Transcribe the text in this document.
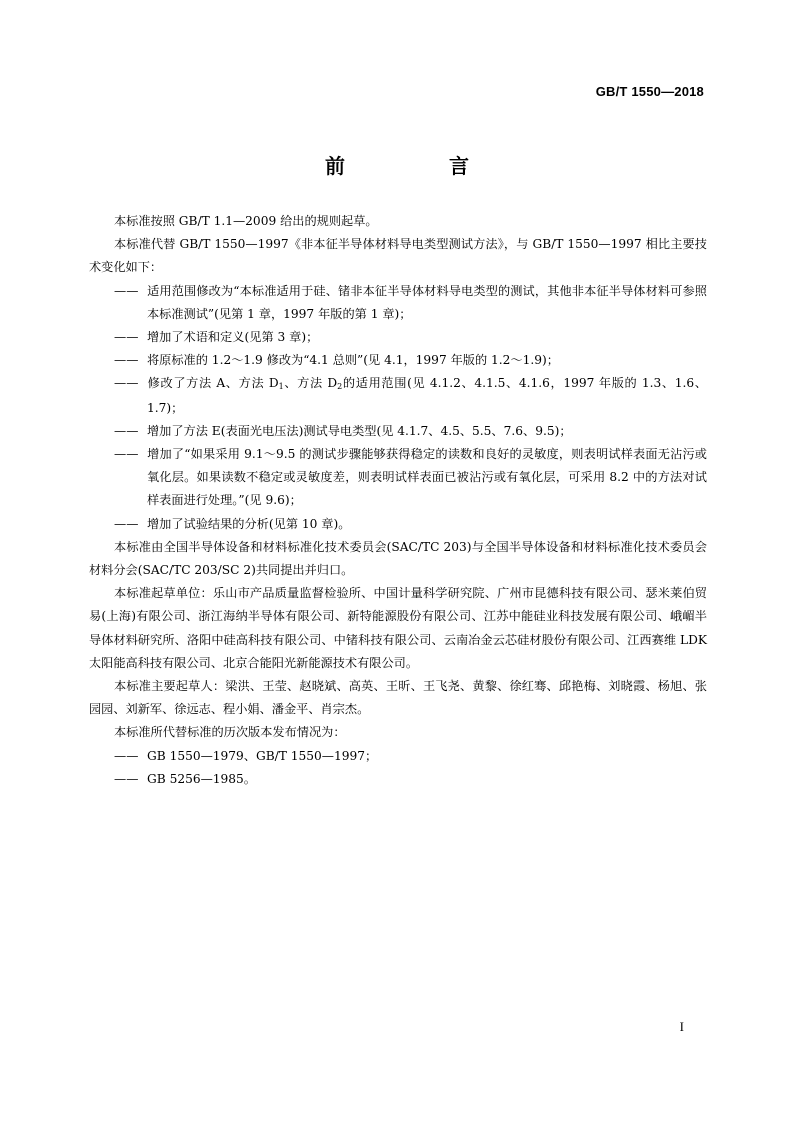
GB/T 1550—2018
前　言

本标准按照 GB/T 1.1—2009 给出的规则起草。

本标准代替 GB/T 1550—1997《非本征半导体材料导电类型测试方法》，与 GB/T 1550—1997 相比主要技术变化如下：

—— 适用范围修改为“本标准适用于硅、锗非本征半导体材料导电类型的测试，其他非本征半导体材料可参照本标准测试”(见第 1 章，1997 年版的第 1 章)；

—— 增加了术语和定义(见第 3 章)；

—— 将原标准的 1.2～1.9 修改为“4.1 总则”(见 4.1，1997 年版的 1.2～1.9)；

—— 修改了方法 A、方法 $D_1$、方法 $D_2$的适用范围(见 4.1.2、4.1.5、4.1.6，1997 年版的 1.3、1.6、1.7)；

—— 增加了方法 E(表面光电压法)测试导电类型(见 4.1.7、4.5、5.5、7.6、9.5)；

—— 增加了“如果采用 9.1～9.5 的测试步骤能够获得稳定的读数和良好的灵敏度，则表明试样表面无沾污或氧化层。如果读数不稳定或灵敏度差，则表明试样表面已被沾污或有氧化层，可采用 8.2 中的方法对试样表面进行处理。”(见 9.6)；

—— 增加了试验结果的分析(见第 10 章)。

本标准由全国半导体设备和材料标准化技术委员会(SAC/TC 203)与全国半导体设备和材料标准化技术委员会材料分会(SAC/TC 203/SC 2)共同提出并归口。

本标准起草单位：乐山市产品质量监督检验所、中国计量科学研究院、广州市昆德科技有限公司、瑟米莱伯贸易(上海)有限公司、浙江海纳半导体有限公司、新特能源股份有限公司、江苏中能硅业科技发展有限公司、峨嵋半导体材料研究所、洛阳中硅高科技有限公司、中锗科技有限公司、云南冶金云芯硅材股份有限公司、江西赛维 LDK 太阳能高科技有限公司、北京合能阳光新能源技术有限公司。

本标准主要起草人：梁洪、王莹、赵晓斌、高英、王昕、王飞尧、黄黎、徐红骞、邱艳梅、刘晓霞、杨旭、张园园、刘新军、徐远志、程小娟、潘金平、肖宗杰。

本标准所代替标准的历次版本发布情况为：

—— GB 1550—1979、GB/T 1550—1997；

—— GB 5256—1985。

I
